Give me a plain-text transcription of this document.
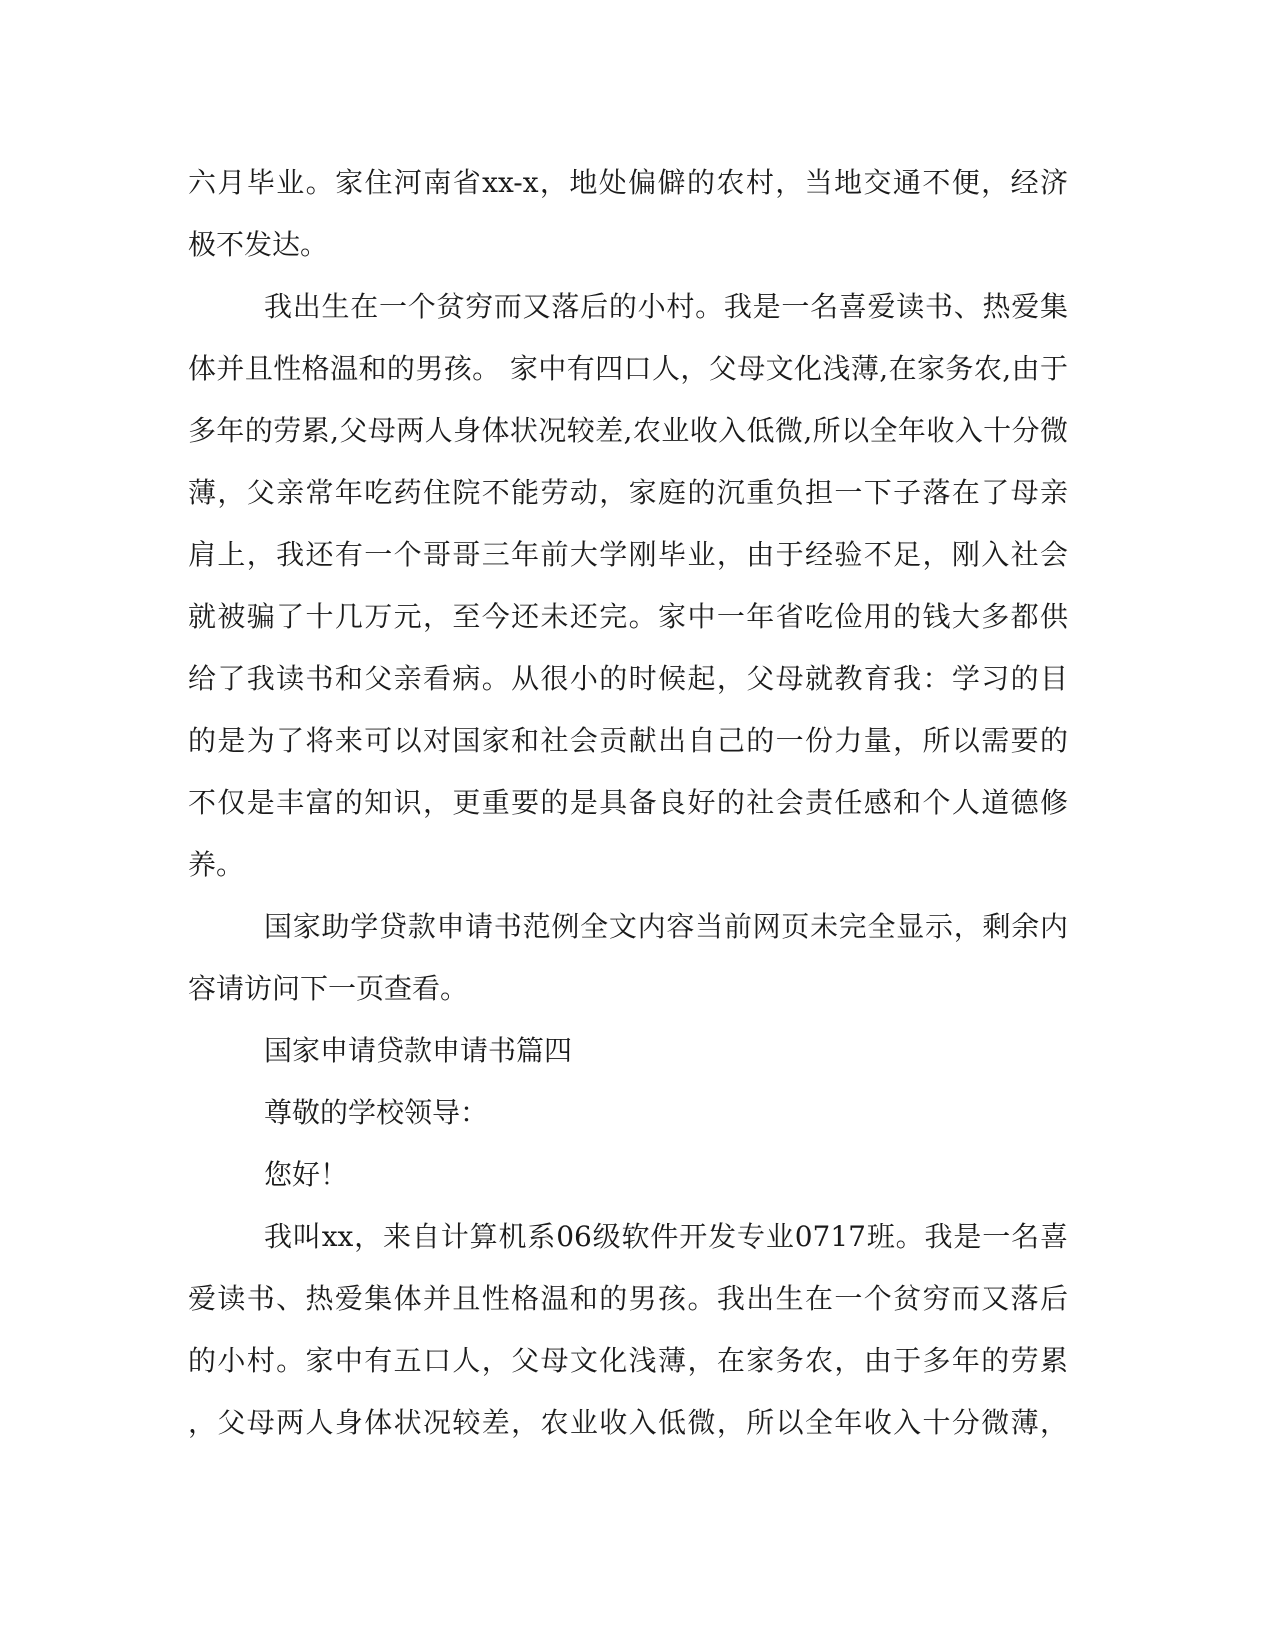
六月毕业。家住河南省xx-x，地处偏僻的农村，当地交通不便，经济
极不发达。
我出生在一个贫穷而又落后的小村。我是一名喜爱读书、热爱集
体并且性格温和的男孩。 家中有四口人，父母文化浅薄,在家务农,由于
多年的劳累,父母两人身体状况较差,农业收入低微,所以全年收入十分微
薄，父亲常年吃药住院不能劳动，家庭的沉重负担一下子落在了母亲
肩上，我还有一个哥哥三年前大学刚毕业，由于经验不足，刚入社会
就被骗了十几万元，至今还未还完。家中一年省吃俭用的钱大多都供
给了我读书和父亲看病。从很小的时候起，父母就教育我：学习的目
的是为了将来可以对国家和社会贡献出自己的一份力量，所以需要的
不仅是丰富的知识，更重要的是具备良好的社会责任感和个人道德修
养。
国家助学贷款申请书范例全文内容当前网页未完全显示，剩余内
容请访问下一页查看。
国家申请贷款申请书篇四
尊敬的学校领导：
您好！
我叫xx，来自计算机系06级软件开发专业0717班。我是一名喜
爱读书、热爱集体并且性格温和的男孩。我出生在一个贫穷而又落后
的小村。家中有五口人，父母文化浅薄，在家务农，由于多年的劳累
，父母两人身体状况较差，农业收入低微，所以全年收入十分微薄，
